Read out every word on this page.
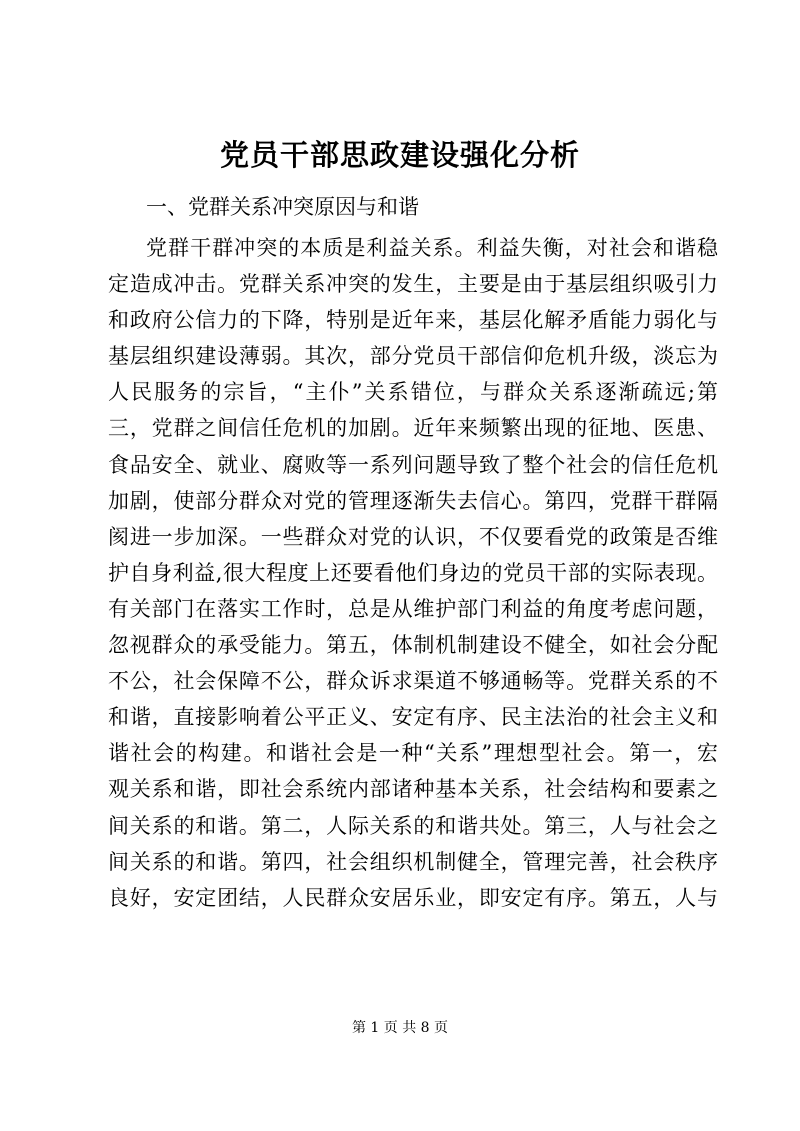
党员干部思政建设强化分析
一、党群关系冲突原因与和谐
党群干群冲突的本质是利益关系。利益失衡，对社会和谐稳
定造成冲击。党群关系冲突的发生，主要是由于基层组织吸引力
和政府公信力的下降，特别是近年来，基层化解矛盾能力弱化与
基层组织建设薄弱。其次，部分党员干部信仰危机升级，淡忘为
人民服务的宗旨，“主仆”关系错位，与群众关系逐渐疏远;第
三，党群之间信任危机的加剧。近年来频繁出现的征地、医患、
食品安全、就业、腐败等一系列问题导致了整个社会的信任危机
加剧，使部分群众对党的管理逐渐失去信心。第四，党群干群隔
阂进一步加深。一些群众对党的认识，不仅要看党的政策是否维
护自身利益,很大程度上还要看他们身边的党员干部的实际表现。
有关部门在落实工作时，总是从维护部门利益的角度考虑问题，
忽视群众的承受能力。第五，体制机制建设不健全，如社会分配
不公，社会保障不公，群众诉求渠道不够通畅等。党群关系的不
和谐，直接影响着公平正义、安定有序、民主法治的社会主义和
谐社会的构建。和谐社会是一种“关系”理想型社会。第一，宏
观关系和谐，即社会系统内部诸种基本关系，社会结构和要素之
间关系的和谐。第二，人际关系的和谐共处。第三，人与社会之
间关系的和谐。第四，社会组织机制健全，管理完善，社会秩序
良好，安定团结，人民群众安居乐业，即安定有序。第五，人与
第 1 页 共 8 页
